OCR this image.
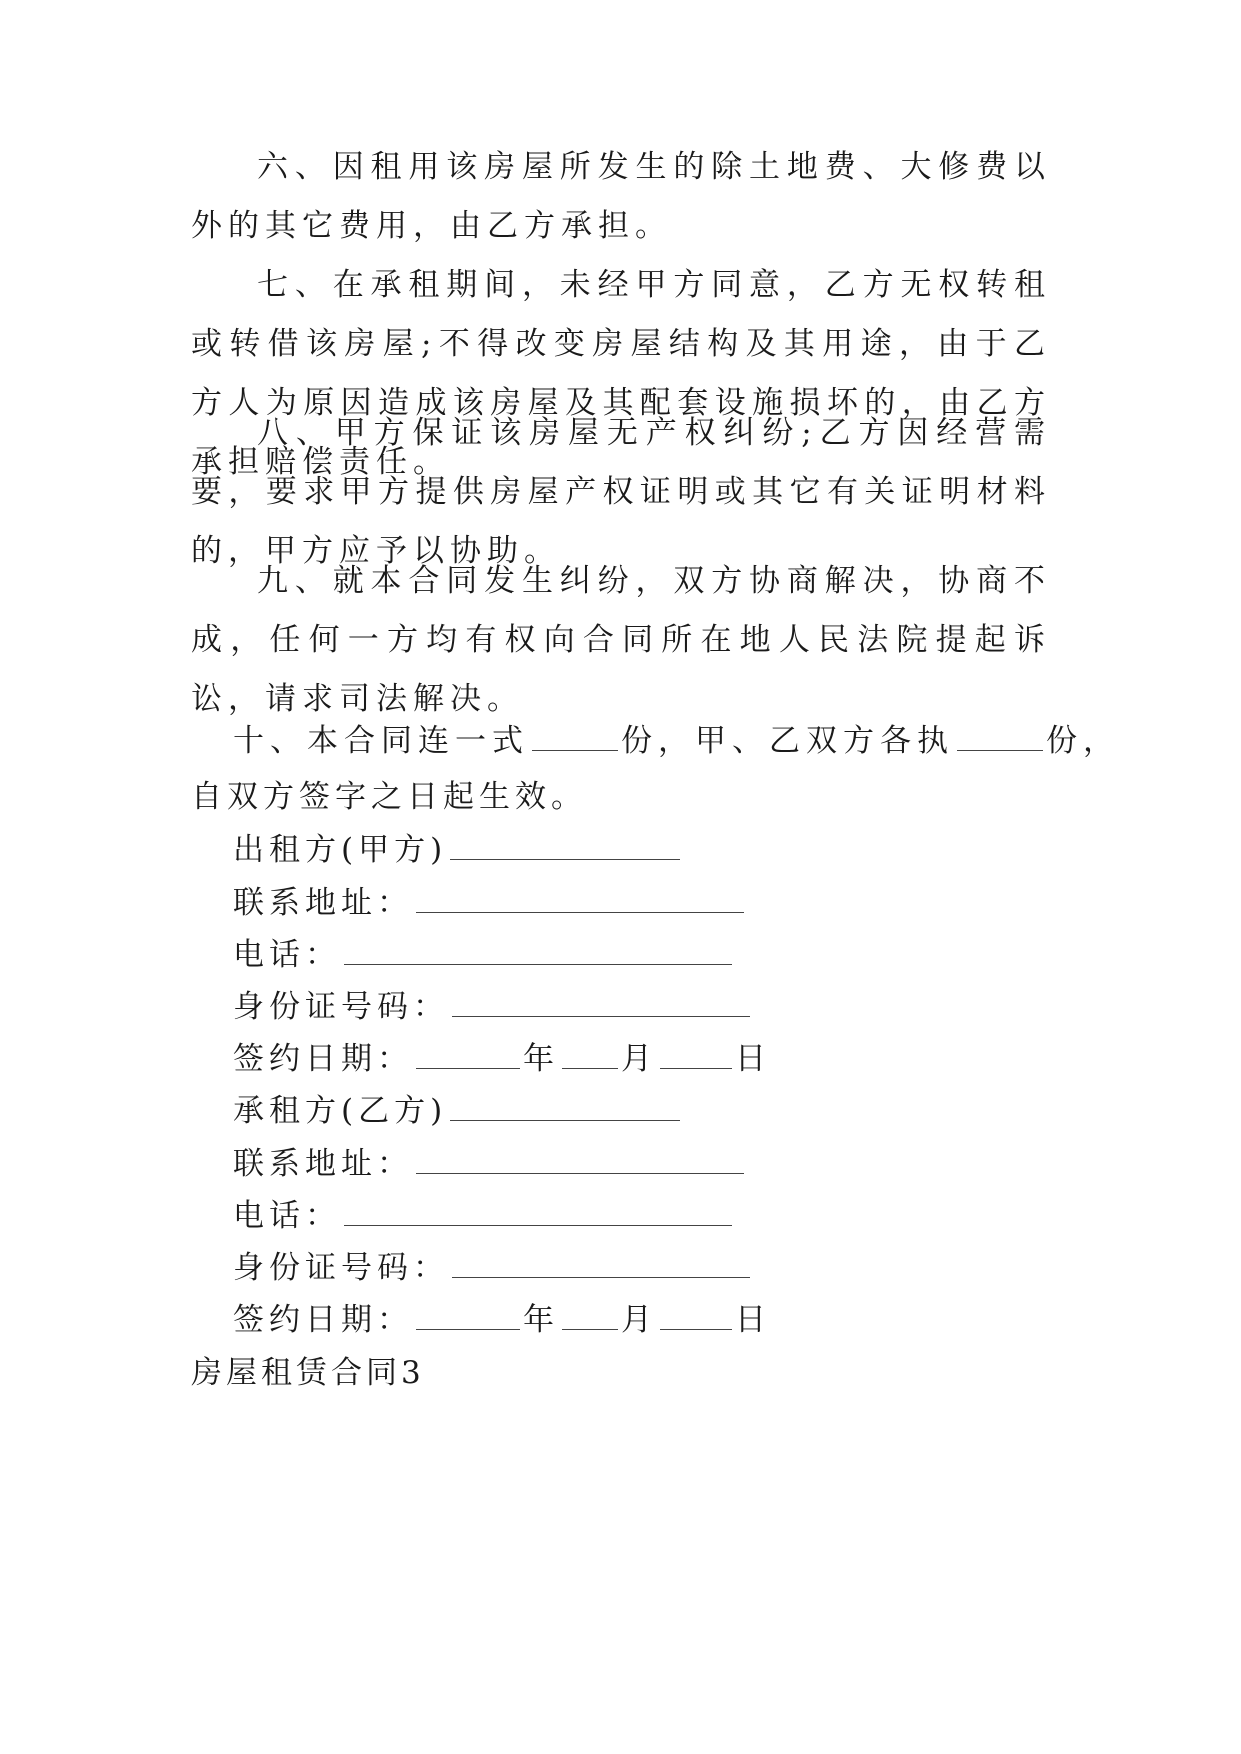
六、因租用该房屋所发生的除土地费、大修费以外的其它费用，由乙方承担。

七、在承租期间，未经甲方同意，乙方无权转租或转借该房屋;不得改变房屋结构及其用途，由于乙方人为原因造成该房屋及其配套设施损坏的，由乙方承担赔偿责任。

八、甲方保证该房屋无产权纠纷;乙方因经营需要，要求甲方提供房屋产权证明或其它有关证明材料的，甲方应予以协助。

九、就本合同发生纠纷，双方协商解决，协商不成，任何一方均有权向合同所在地人民法院提起诉讼，请求司法解决。

十、本合同连一式	份，甲、乙双方各执	份，
自双方签字之日起生效。
出租方(甲方)
联系地址：
电话：
身份证号码：
签约日期：	年 月	日
承租方(乙方)
联系地址：
电话：
身份证号码：
签约日期：	年 月	日
房屋租赁合同3
